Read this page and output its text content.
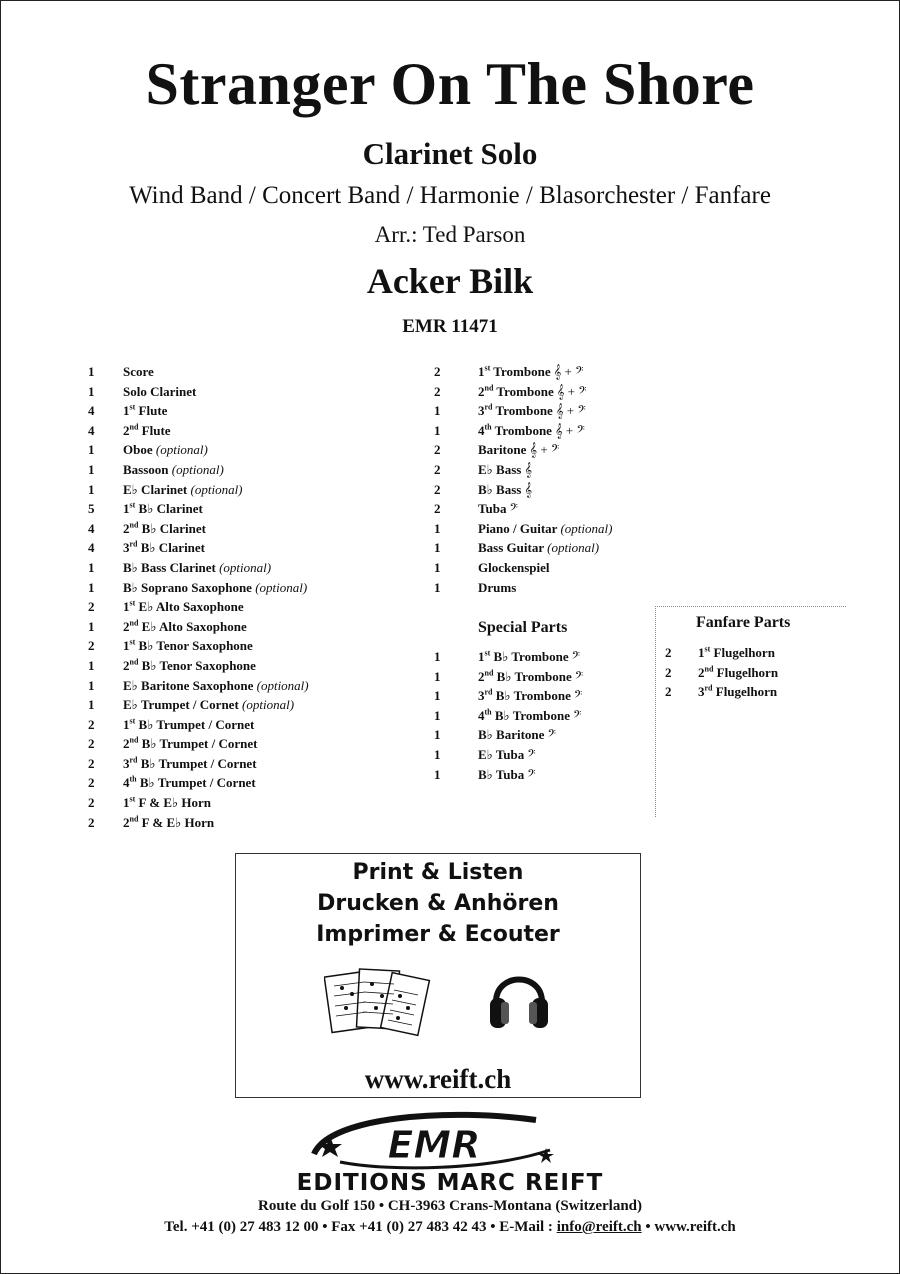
Stranger On The Shore
Clarinet Solo
Wind Band / Concert Band / Harmonie / Blasorchester / Fanfare
Arr.: Ted Parson
Acker Bilk
EMR 11471
1	Score
1	Solo Clarinet
4	1st Flute
4	2nd Flute
1	Oboe (optional)
1	Bassoon (optional)
1	E♭ Clarinet (optional)
5	1st B♭ Clarinet
4	2nd B♭ Clarinet
4	3rd B♭ Clarinet
1	B♭ Bass Clarinet (optional)
1	B♭ Soprano Saxophone (optional)
2	1st E♭ Alto Saxophone
1	2nd E♭ Alto Saxophone
2	1st B♭ Tenor Saxophone
1	2nd B♭ Tenor Saxophone
1	E♭ Baritone Saxophone (optional)
1	E♭ Trumpet / Cornet (optional)
2	1st B♭ Trumpet / Cornet
2	2nd B♭ Trumpet / Cornet
2	3rd B♭ Trumpet / Cornet
2	4th B♭ Trumpet / Cornet
2	1st F & E♭ Horn
2	2nd F & E♭ Horn
2	1st Trombone 𝄞 + 𝄢
2	2nd Trombone 𝄞 + 𝄢
1	3rd Trombone 𝄞 + 𝄢
1	4th Trombone 𝄞 + 𝄢
2	Baritone 𝄞 + 𝄢
2	E♭ Bass 𝄞
2	B♭ Bass 𝄞
2	Tuba 𝄢
1	Piano / Guitar (optional)
1	Bass Guitar (optional)
1	Glockenspiel
1	Drums
Special Parts
1	1st B♭ Trombone 𝄢
1	2nd B♭ Trombone 𝄢
1	3rd B♭ Trombone 𝄢
1	4th B♭ Trombone 𝄢
1	B♭ Baritone 𝄢
1	E♭ Tuba 𝄢
1	B♭ Tuba 𝄢
Fanfare Parts
2	1st Flugelhorn
2	2nd Flugelhorn
2	3rd Flugelhorn
Print & Listen
Drucken & Anhören
Imprimer & Ecouter
www.reift.ch
EMR
EDITIONS MARC REIFT
Route du Golf 150 • CH-3963 Crans-Montana (Switzerland)
Tel. +41 (0) 27 483 12 00 • Fax +41 (0) 27 483 42 43 • E-Mail : info@reift.ch • www.reift.ch
